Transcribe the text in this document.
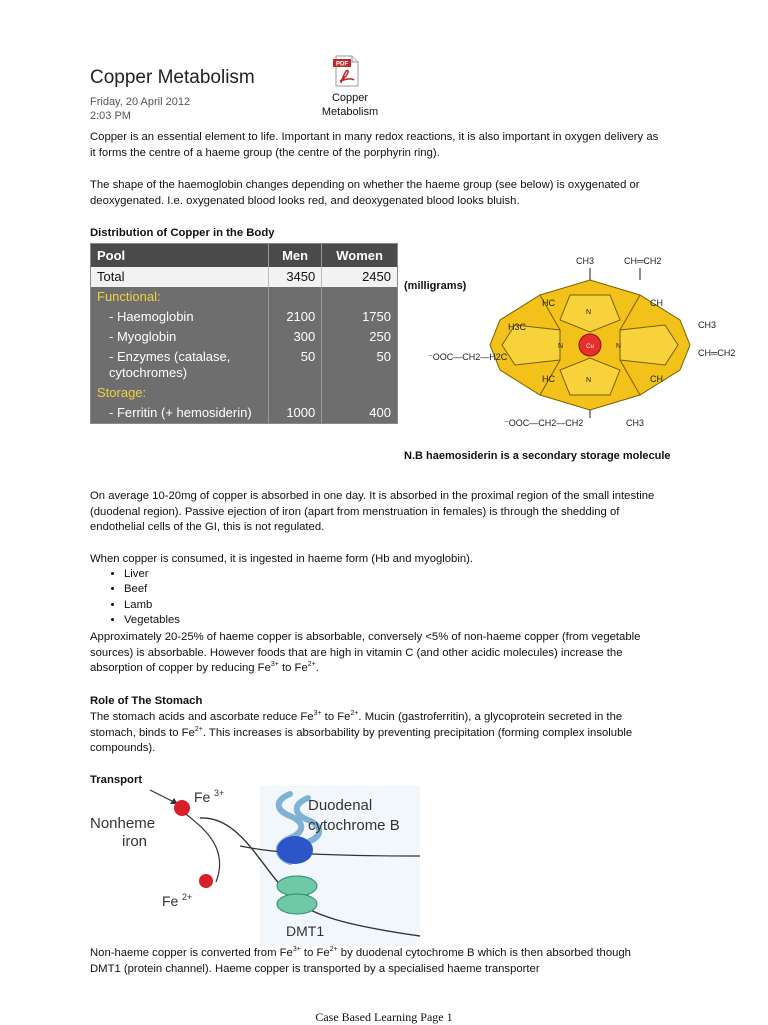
Copper Metabolism
Friday, 20 April 2012
2:03 PM
PDF
Copper
Metabolism

Copper is an essential element to life. Important in many redox reactions, it is also important in oxygen delivery as it forms the centre of a haeme group (the centre of the porphyrin ring).

The shape of the haemoglobin changes depending on whether the haeme group (see below) is oxygenated or deoxygenated. I.e. oxygenated blood looks red, and deoxygenated blood looks bluish.

Distribution of Copper in the Body

Pool	Men	Women
Total	3450	2450
Functional:		
- Haemoglobin	2100	1750
- Myoglobin	300	250
- Enzymes (catalase, cytochromes)	50	50
Storage:		
- Ferritin (+ hemosiderin)	1000	400
(milligrams)
Cu
N
N
N	N
CH3	CH═CH2
HC	CH
H3C	CH3
⁻OOC—CH2—H2C	CH═CH2
HC	CH
⁻OOC—CH2—CH2	CH3
N.B haemosiderin is a secondary storage molecule

On average 10-20mg of copper is absorbed in one day. It is absorbed in the proximal region of the small intestine (duodenal region). Passive ejection of iron (apart from menstruation in females) is through the shedding of endothelial cells of the GI, this is not regulated.

When copper is consumed, it is ingested in haeme form (Hb and myoglobin).

• Liver
• Beef
• Lamb
• Vegetables

Approximately 20-25% of haeme copper is absorbable, conversely <5% of non-haeme copper (from vegetable sources) is absorbable. However foods that are high in vitamin C (and other acidic molecules) increase the absorption of copper by reducing $Fe^{3+}$ to $Fe^{2+}$.

Role of The Stomach

The stomach acids and ascorbate reduce $Fe^{3+}$ to $Fe^{2+}$. Mucin (gastroferritin), a glycoprotein secreted in the stomach, binds to $Fe^{2+}$. This increases is absorbability by preventing precipitation (forming complex insoluble compounds).

Transport

Fe 3+
Nonheme
iron
Duodenal
cytochrome B
Fe 2+
DMT1

Non-haeme copper is converted from $Fe^{3+}$ to $Fe^{2+}$ by duodenal cytochrome B which is then absorbed though DMT1 (protein channel). Haeme copper is transported by a specialised haeme transporter

Case Based Learning Page 1
